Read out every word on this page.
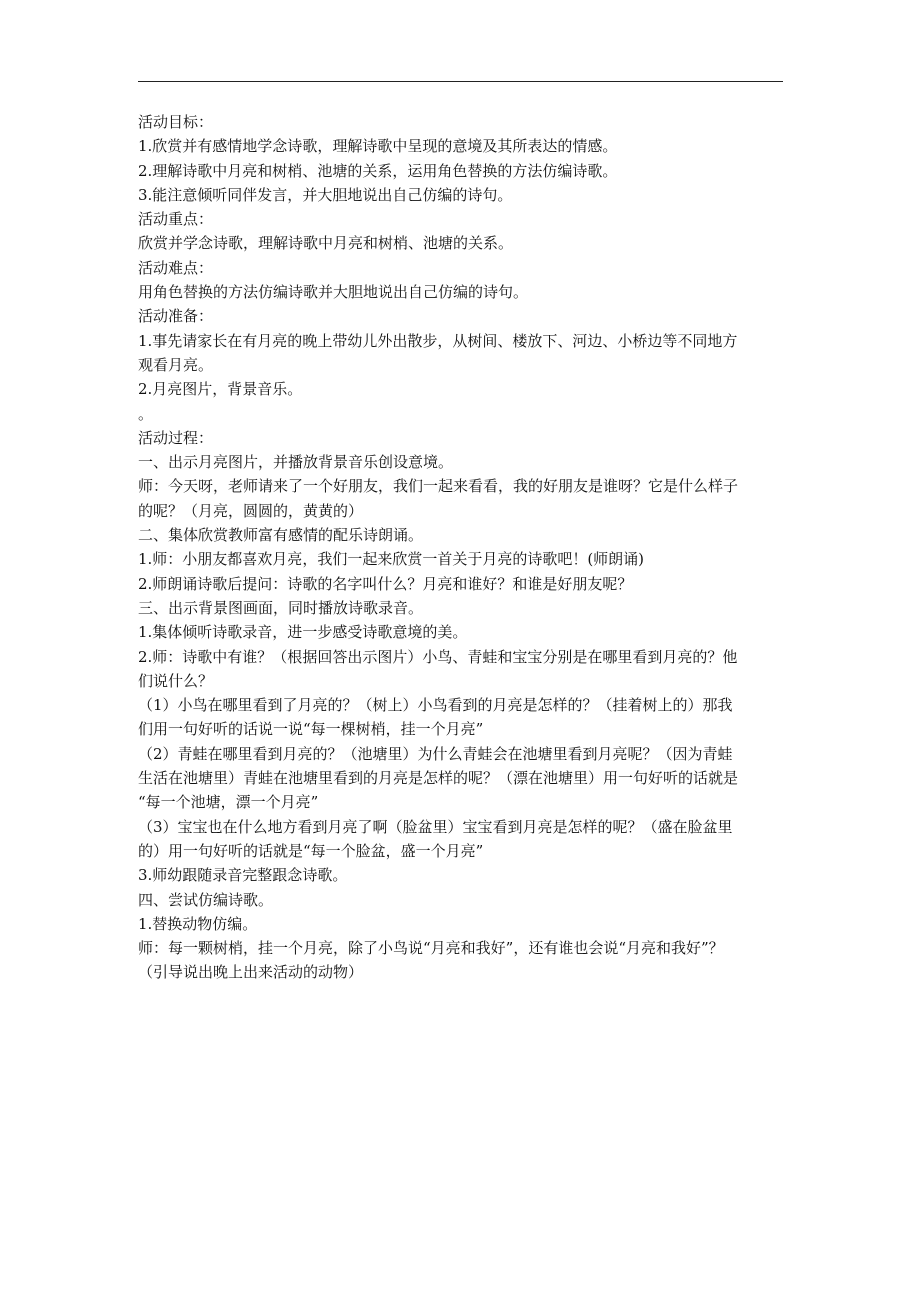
活动目标：
1.欣赏并有感情地学念诗歌，理解诗歌中呈现的意境及其所表达的情感。
2.理解诗歌中月亮和树梢、池塘的关系，运用角色替换的方法仿编诗歌。
3.能注意倾听同伴发言，并大胆地说出自己仿编的诗句。
活动重点：
欣赏并学念诗歌，理解诗歌中月亮和树梢、池塘的关系。
活动难点：
用角色替换的方法仿编诗歌并大胆地说出自己仿编的诗句。
活动准备：
1.事先请家长在有月亮的晚上带幼儿外出散步，从树间、楼放下、河边、小桥边等不同地方
观看月亮。
2.月亮图片，背景音乐。
。
活动过程：
一、出示月亮图片，并播放背景音乐创设意境。
师：今天呀，老师请来了一个好朋友，我们一起来看看，我的好朋友是谁呀？它是什么样子
的呢？（月亮，圆圆的，黄黄的）
二、集体欣赏教师富有感情的配乐诗朗诵。
1.师：小朋友都喜欢月亮，我们一起来欣赏一首关于月亮的诗歌吧！(师朗诵)
2.师朗诵诗歌后提问：诗歌的名字叫什么？月亮和谁好？和谁是好朋友呢？
三、出示背景图画面，同时播放诗歌录音。
1.集体倾听诗歌录音，进一步感受诗歌意境的美。
2.师：诗歌中有谁？（根据回答出示图片）小鸟、青蛙和宝宝分别是在哪里看到月亮的？他
们说什么？
（1）小鸟在哪里看到了月亮的？（树上）小鸟看到的月亮是怎样的？（挂着树上的）那我
们用一句好听的话说一说“每一棵树梢，挂一个月亮”
（2）青蛙在哪里看到月亮的？（池塘里）为什么青蛙会在池塘里看到月亮呢？（因为青蛙
生活在池塘里）青蛙在池塘里看到的月亮是怎样的呢？（漂在池塘里）用一句好听的话就是
“每一个池塘，漂一个月亮”
（3）宝宝也在什么地方看到月亮了啊（脸盆里）宝宝看到月亮是怎样的呢？（盛在脸盆里
的）用一句好听的话就是“每一个脸盆，盛一个月亮”
3.师幼跟随录音完整跟念诗歌。
四、尝试仿编诗歌。
1.替换动物仿编。
师：每一颗树梢，挂一个月亮，除了小鸟说“月亮和我好”，还有谁也会说“月亮和我好”？
（引导说出晚上出来活动的动物）
